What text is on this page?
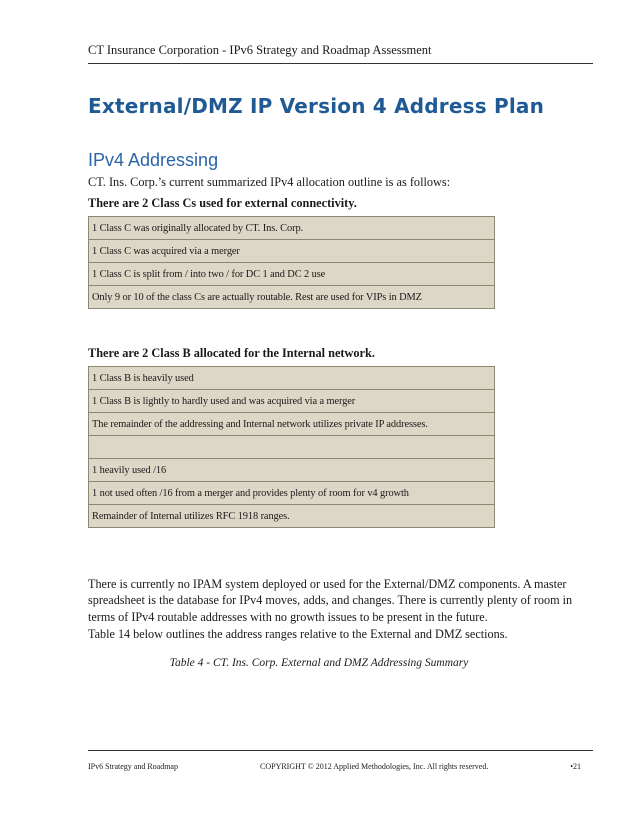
CT Insurance Corporation - IPv6 Strategy and Roadmap Assessment
External/DMZ IP Version 4 Address Plan
IPv4 Addressing
CT. Ins. Corp.’s current summarized IPv4 allocation outline is as follows:
There are 2 Class Cs used for external connectivity.
1 Class C was originally allocated by CT. Ins. Corp.
1 Class C was acquired via a merger
1 Class C is split from / into two / for DC 1 and DC 2 use
Only 9 or 10 of the class Cs are actually routable. Rest are used for VIPs in DMZ
There are 2 Class B allocated for the Internal network.
1 Class B is heavily used
1 Class B is lightly to hardly used and was acquired via a merger
The remainder of the addressing and Internal network utilizes private IP addresses.

1 heavily used /16
1 not used often /16 from a merger and provides plenty of room for v4 growth
Remainder of Internal utilizes RFC 1918 ranges.
There is currently no IPAM system deployed or used for the External/DMZ components. A master spreadsheet is the database for IPv4 moves, adds, and changes. There is currently plenty of room in terms of IPv4 routable addresses with no growth issues to be present in the future.
Table 14 below outlines the address ranges relative to the External and DMZ sections.
Table 4 - CT. Ins. Corp. External and DMZ Addressing Summary
IPv6 Strategy and Roadmap	COPYRIGHT © 2012 Applied Methodologies, Inc. All rights reserved.	•21
